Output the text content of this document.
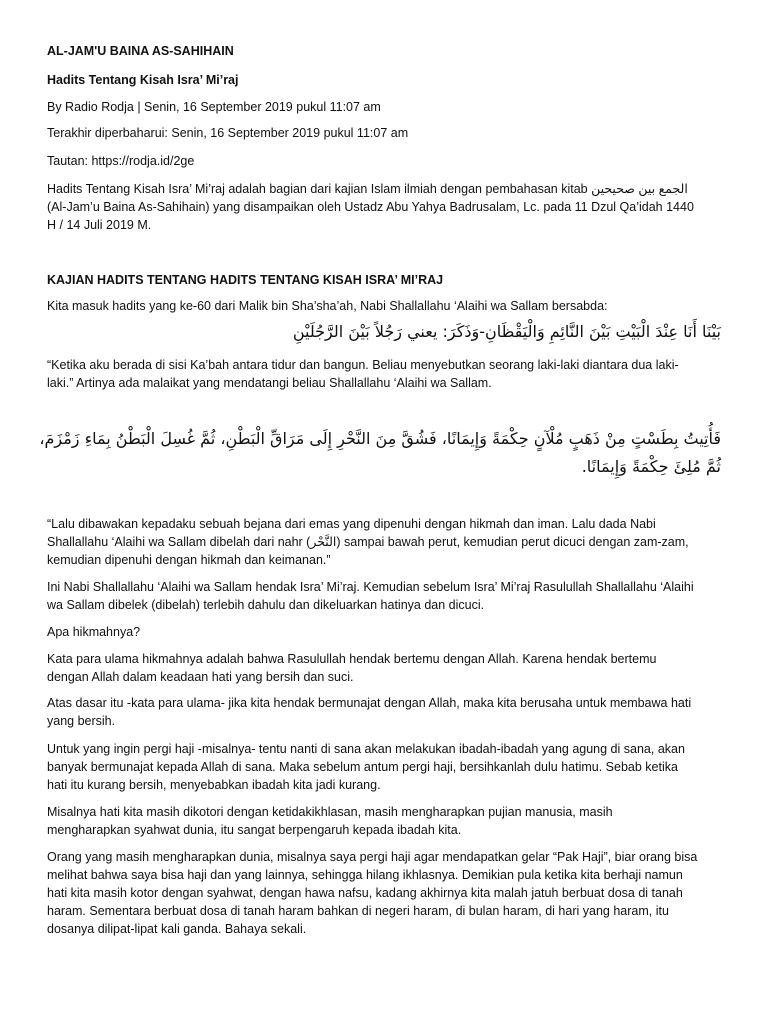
AL-JAM'U BAINA AS-SAHIHAIN
Hadits Tentang Kisah Isra’ Mi’raj
By Radio Rodja | Senin, 16 September 2019 pukul 11:07 am
Terakhir diperbaharui: Senin, 16 September 2019 pukul 11:07 am
Tautan: https://rodja.id/2ge
Hadits Tentang Kisah Isra’ Mi’raj adalah bagian dari kajian Islam ilmiah dengan pembahasan kitab الجمع بين صحيحين
(Al-Jam’u Baina As-Sahihain) yang disampaikan oleh Ustadz Abu Yahya Badrusalam, Lc. pada 11 Dzul Qa’idah 1440
H / 14 Juli 2019 M.
KAJIAN HADITS TENTANG HADITS TENTANG KISAH ISRA’ MI’RAJ
Kita masuk hadits yang ke-60 dari Malik bin Sha’sha’ah, Nabi Shallallahu ‘Alaihi wa Sallam bersabda:
بَيْنَا أَنَا عِنْدَ الْبَيْتِ بَيْنَ النَّائِمِ وَالْيَقْظَانِ-وَذَكَرَ: يعني رَجُلاً بَيْنَ الرَّجُلَيْنِ
“Ketika aku berada di sisi Ka’bah antara tidur dan bangun. Beliau menyebutkan seorang laki-laki diantara dua laki-
laki.” Artinya ada malaikat yang mendatangi beliau Shallallahu ‘Alaihi wa Sallam.
فَأُتِيتُ بِطَسْتٍ مِنْ ذَهَبٍ مُلْآنٍ حِكْمَةً وَإِيمَانًا، فَشُقَّ مِنَ النَّحْرِ إِلَى مَرَاقِّ الْبَطْنِ، ثُمَّ غُسِلَ الْبَطْنُ بِمَاءِ زَمْزَمَ، ثُمَّ مُلِئَ حِكْمَةً وَإِيمَانًا.
“Lalu dibawakan kepadaku sebuah bejana dari emas yang dipenuhi dengan hikmah dan iman. Lalu dada Nabi
Shallallahu ‘Alaihi wa Sallam dibelah dari nahr (النَّحْر) sampai bawah perut, kemudian perut dicuci dengan zam-zam,
kemudian dipenuhi dengan hikmah dan keimanan.”
Ini Nabi Shallallahu ‘Alaihi wa Sallam hendak Isra’ Mi’raj. Kemudian sebelum Isra’ Mi’raj Rasulullah Shallallahu ‘Alaihi
wa Sallam dibelek (dibelah) terlebih dahulu dan dikeluarkan hatinya dan dicuci.
Apa hikmahnya?
Kata para ulama hikmahnya adalah bahwa Rasulullah hendak bertemu dengan Allah. Karena hendak bertemu
dengan Allah dalam keadaan hati yang bersih dan suci.
Atas dasar itu -kata para ulama- jika kita hendak bermunajat dengan Allah, maka kita berusaha untuk membawa hati
yang bersih.
Untuk yang ingin pergi haji -misalnya- tentu nanti di sana akan melakukan ibadah-ibadah yang agung di sana, akan
banyak bermunajat kepada Allah di sana. Maka sebelum antum pergi haji, bersihkanlah dulu hatimu. Sebab ketika
hati itu kurang bersih, menyebabkan ibadah kita jadi kurang.
Misalnya hati kita masih dikotori dengan ketidakikhlasan, masih mengharapkan pujian manusia, masih
mengharapkan syahwat dunia, itu sangat berpengaruh kepada ibadah kita.
Orang yang masih mengharapkan dunia, misalnya saya pergi haji agar mendapatkan gelar “Pak Haji”, biar orang bisa
melihat bahwa saya bisa haji dan yang lainnya, sehingga hilang ikhlasnya. Demikian pula ketika kita berhaji namun
hati kita masih kotor dengan syahwat, dengan hawa nafsu, kadang akhirnya kita malah jatuh berbuat dosa di tanah
haram. Sementara berbuat dosa di tanah haram bahkan di negeri haram, di bulan haram, di hari yang haram, itu
dosanya dilipat-lipat kali ganda. Bahaya sekali.
